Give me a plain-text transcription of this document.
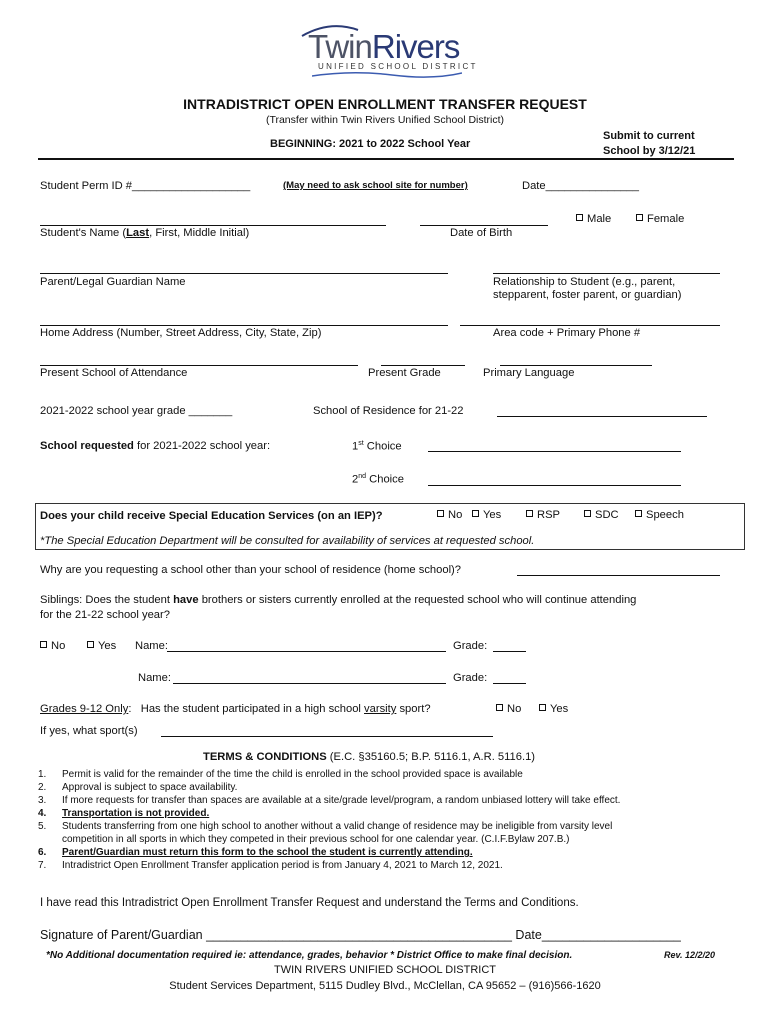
TwinRivers
UNIFIED SCHOOL DISTRICT
INTRADISTRICT OPEN ENROLLMENT TRANSFER REQUEST
(Transfer within Twin Rivers Unified School District)
BEGINNING: 2021 to 2022 School Year
Submit to current
School by 3/12/21
Student Perm ID #___________________	(May need to ask school site for number)	Date_______________
Male	Female
Student's Name (Last, First, Middle Initial)	Date of Birth
Parent/Legal Guardian Name	Relationship to Student (e.g., parent,
stepparent, foster parent, or guardian)
Home Address (Number, Street Address, City, State, Zip)	Area code + Primary Phone #
Present School of Attendance	Present Grade	Primary Language
2021-2022 school year grade _______	School of Residence for 21-22
School requested for 2021-2022 school year:	1st Choice
2nd Choice
Does your child receive Special Education Services (on an IEP)?	No	Yes	RSP	SDC	Speech
*The Special Education Department will be consulted for availability of services at requested school.
Why are you requesting a school other than your school of residence (home school)?
Siblings: Does the student have brothers or sisters currently enrolled at the requested school who will continue attending
for the 21-22 school year?
No	Yes Name:	Grade:
Name:	Grade:
Grades 9-12 Only: Has the student participated in a high school varsity sport?	No	Yes
If yes, what sport(s)
TERMS & CONDITIONS (E.C. §35160.5; B.P. 5116.1, A.R. 5116.1)
1. Permit is valid for the remainder of the time the child is enrolled in the school provided space is available
2. Approval is subject to space availability.
3. If more requests for transfer than spaces are available at a site/grade level/program, a random unbiased lottery will take effect.
4. Transportation is not provided.
5. Students transferring from one high school to another without a valid change of residence may be ineligible from varsity level
competition in all sports in which they competed in their previous school for one calendar year. (C.I.F.Bylaw 207.B.)
6. Parent/Guardian must return this form to the school the student is currently attending.
7. Intradistrict Open Enrollment Transfer application period is from January 4, 2021 to March 12, 2021.
I have read this Intradistrict Open Enrollment Transfer Request and understand the Terms and Conditions.
Signature of Parent/Guardian ____________________________________________ Date____________________
*No Additional documentation required ie: attendance, grades, behavior * District Office to make final decision.	Rev. 12/2/20
TWIN RIVERS UNIFIED SCHOOL DISTRICT
Student Services Department, 5115 Dudley Blvd., McClellan, CA 95652 – (916)566-1620
